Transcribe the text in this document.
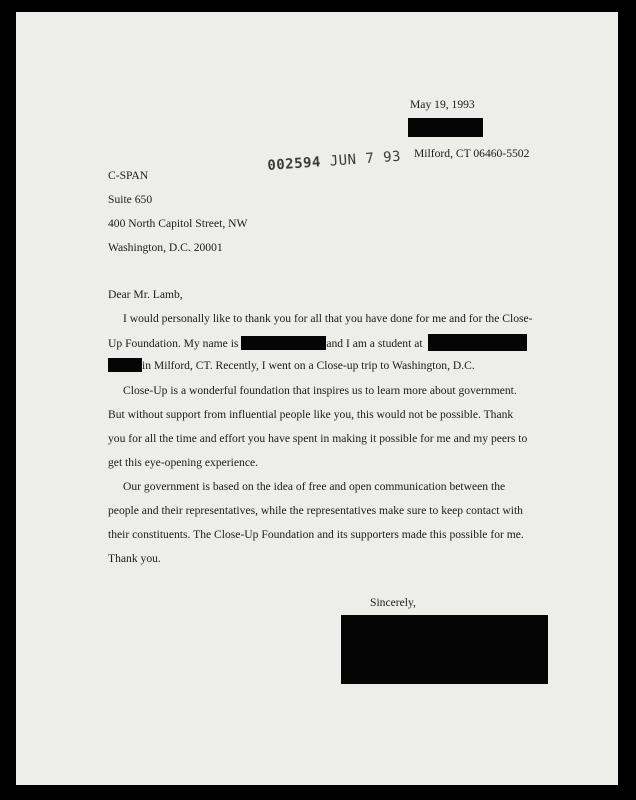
May 19, 1993
Milford, CT 06460-5502
002594 JUN 7 93
C-SPAN
Suite 650
400 North Capitol Street, NW
Washington, D.C. 20001
Dear Mr. Lamb,
I would personally like to thank you for all that you have done for me and for the Close-
Up Foundation. My name is	and I am a student at
in Milford, CT. Recently, I went on a Close-up trip to Washington, D.C.
Close-Up is a wonderful foundation that inspires us to learn more about government.
But without support from influential people like you, this would not be possible. Thank
you for all the time and effort you have spent in making it possible for me and my peers to
get this eye-opening experience.
Our government is based on the idea of free and open communication between the
people and their representatives, while the representatives make sure to keep contact with
their constituents. The Close-Up Foundation and its supporters made this possible for me.
Thank you.
Sincerely,
